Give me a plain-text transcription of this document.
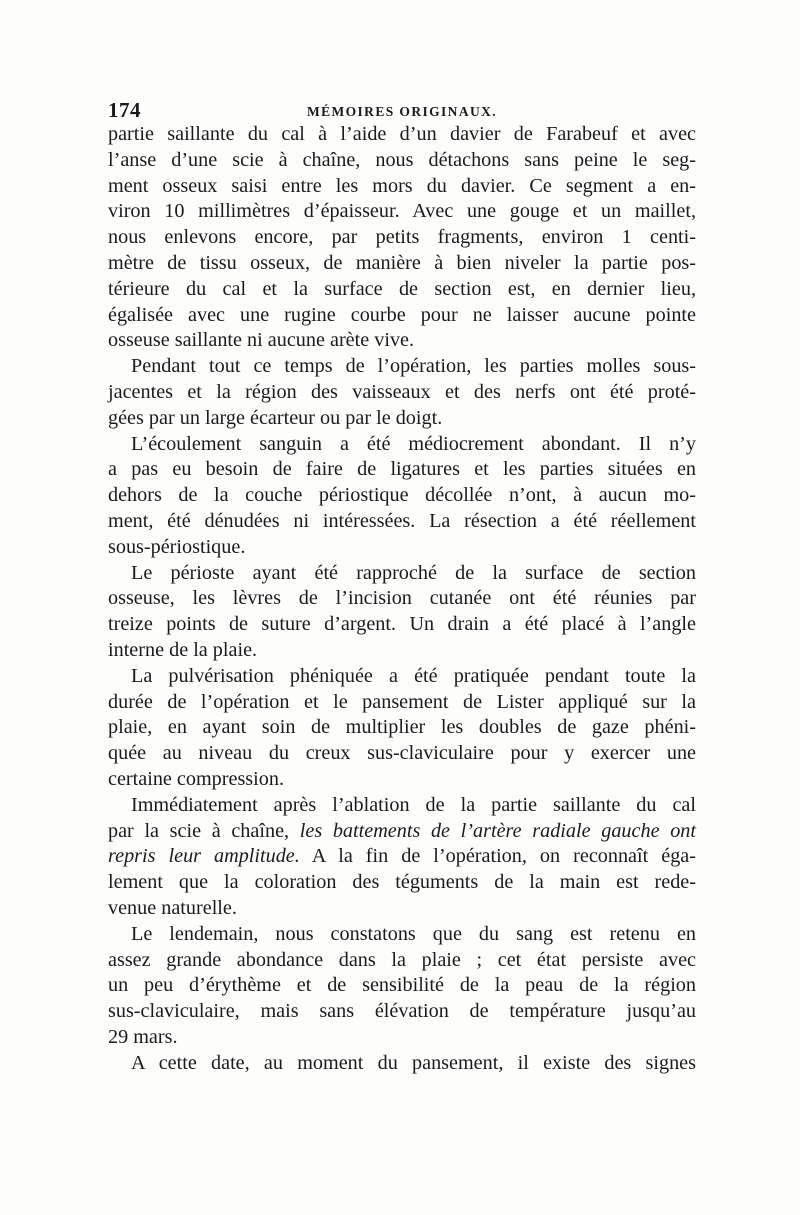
174	MÉMOIRES ORIGINAUX.
partie saillante du cal à l’aide d’un davier de Farabeuf et avec
l’anse d’une scie à chaîne, nous détachons sans peine le seg-
ment osseux saisi entre les mors du davier. Ce segment a en-
viron 10 millimètres d’épaisseur. Avec une gouge et un maillet,
nous enlevons encore, par petits fragments, environ 1 centi-
mètre de tissu osseux, de manière à bien niveler la partie pos-
térieure du cal et la surface de section est, en dernier lieu,
égalisée avec une rugine courbe pour ne laisser aucune pointe
osseuse saillante ni aucune arète vive.
Pendant tout ce temps de l’opération, les parties molles sous-
jacentes et la région des vaisseaux et des nerfs ont été proté-
gées par un large écarteur ou par le doigt.
L’écoulement sanguin a été médiocrement abondant. Il n’y
a pas eu besoin de faire de ligatures et les parties situées en
dehors de la couche périostique décollée n’ont, à aucun mo-
ment, été dénudées ni intéressées. La résection a été réellement
sous-périostique.
Le périoste ayant été rapproché de la surface de section
osseuse, les lèvres de l’incision cutanée ont été réunies par
treize points de suture d’argent. Un drain a été placé à l’angle
interne de la plaie.
La pulvérisation phéniquée a été pratiquée pendant toute la
durée de l’opération et le pansement de Lister appliqué sur la
plaie, en ayant soin de multiplier les doubles de gaze phéni-
quée au niveau du creux sus-claviculaire pour y exercer une
certaine compression.
Immédiatement après l’ablation de la partie saillante du cal
par la scie à chaîne, les battements de l’artère radiale gauche ont
repris leur amplitude. A la fin de l’opération, on reconnaît éga-
lement que la coloration des téguments de la main est rede-
venue naturelle.
Le lendemain, nous constatons que du sang est retenu en
assez grande abondance dans la plaie ; cet état persiste avec
un peu d’érythème et de sensibilité de la peau de la région
sus-claviculaire, mais sans élévation de température jusqu’au
29 mars.
A cette date, au moment du pansement, il existe des signes
